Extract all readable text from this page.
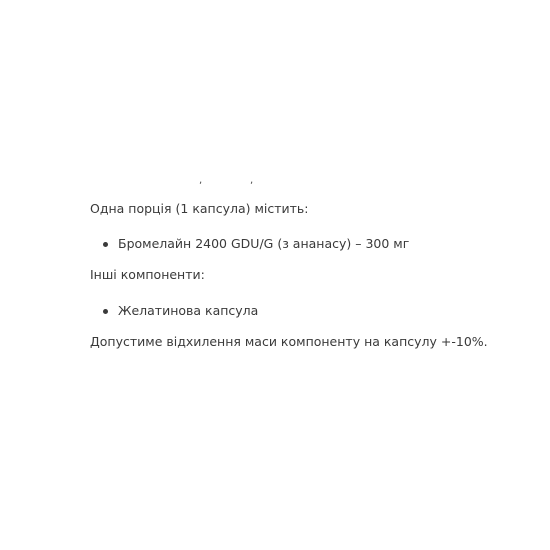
,	,
Одна порція (1 капсула) містить:
Бромелайн 2400 GDU/G (з ананасу) – 300 мг
Інші компоненти:
Желатинова капсула
Допустиме відхилення маси компоненту на капсулу +-10%.
